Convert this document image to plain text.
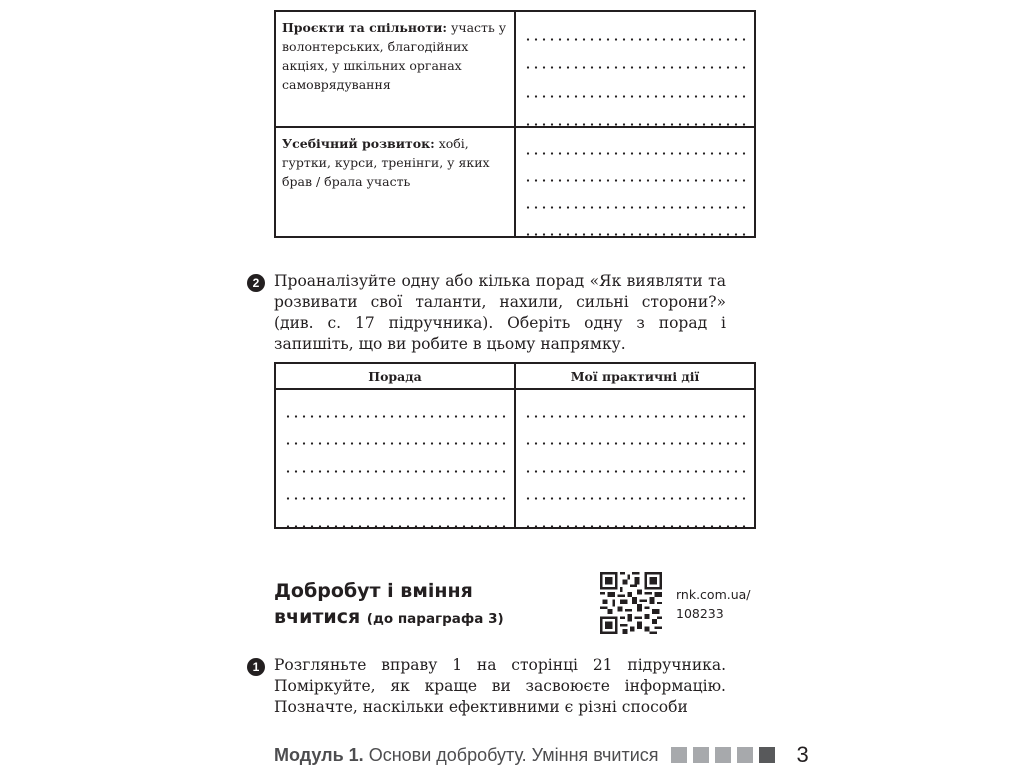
Проєкти та спільноти: участь у волонтерських, благодійних акціях, у шкільних органах самоврядування
Усебічний розвиток: хобі, гуртки, курси, тренінги, у яких брав / брала участь
2 Проаналізуйте одну або кілька порад «Як виявляти та розвивати свої таланти, нахили, сильні сторони?» (див. с. 17 підручника). Оберіть одну з порад і запишіть, що ви робите в цьому напрямку.
Порада	Мої практичні дії
Добробут і вміння
вчитися (до параграфа 3)
rnk.com.ua/
108233
1 Розгляньте вправу 1 на сторінці 21 підручника. Поміркуйте, як краще ви засвоюєте інформацію. Позначте, наскільки ефективними є різні способи
Модуль 1. Основи добробуту. Уміння вчитися	3
